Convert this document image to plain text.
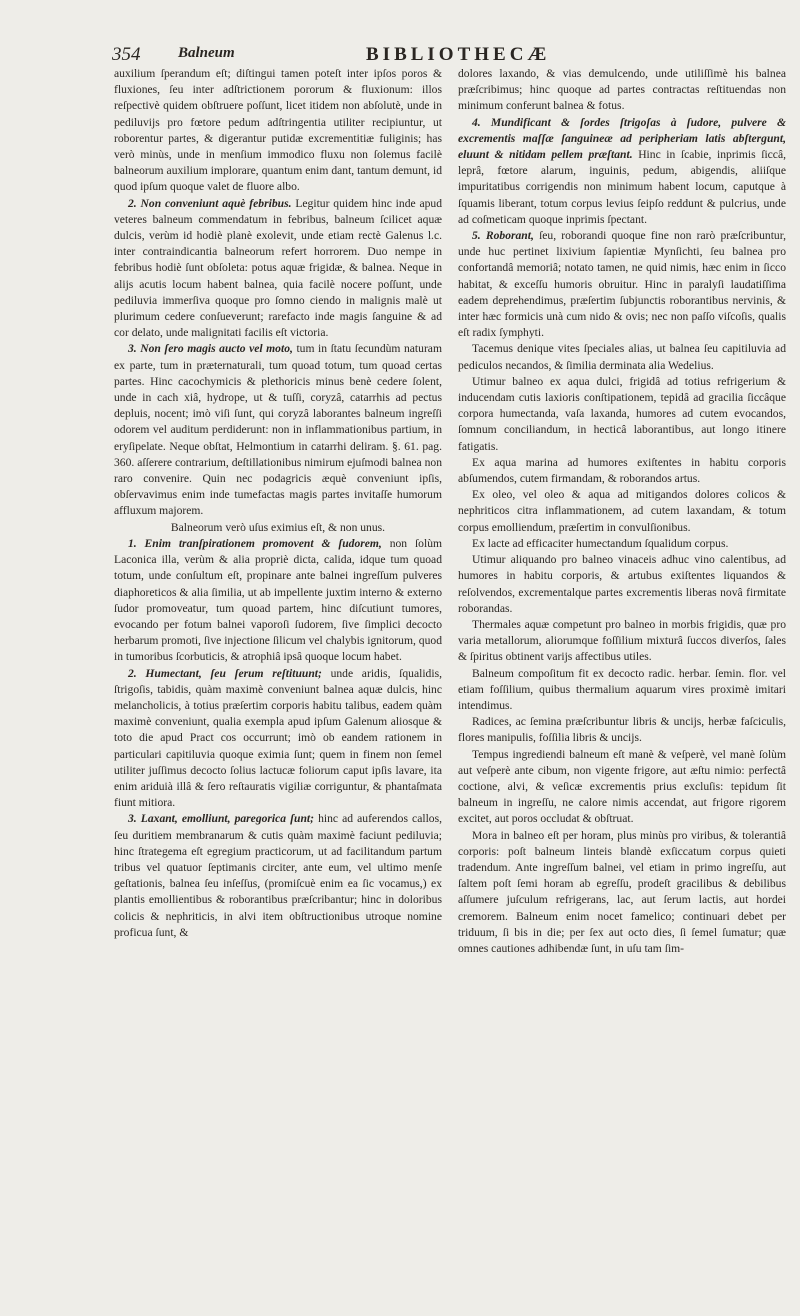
354	Balneum	BIBLIOTHECÆ

auxilium ſperandum eſt; diſtingui tamen poteſt inter ipſos poros & fluxiones, ſeu inter adſtrictionem pororum & fluxionum: illos reſpectivè quidem obſtruere poſſunt, licet itidem non abſolutè, unde in pediluvijs pro fœtore pedum adſtringentia utiliter recipiuntur, ut roborentur partes, & digerantur putidæ excrementitiæ fuliginis; has verò minùs, unde in menſium immodico fluxu non ſolemus facilè balneorum auxilium implorare, quantum enim dant, tantum demunt, id quod ipſum quoque valet de fluore albo.

2. Non conveniunt aquè febribus. Legitur quidem hinc inde apud veteres balneum commendatum in febribus, balneum ſcilicet aquæ dulcis, verùm id hodiè planè exolevit, unde etiam rectè Galenus l.c. inter contraindicantia balneorum refert horrorem. Duo nempe in febribus hodiè ſunt obſoleta: potus aquæ frigidæ, & balnea. Neque in alijs acutis locum habent balnea, quia facilè nocere poſſunt, unde pediluvia immerſiva quoque pro ſomno ciendo in malignis malè ut plurimum cedere conſueverunt; rarefacto inde magis ſanguine & ad cor delato, unde malignitati facilis eſt victoria.

3. Non ſero magis aucto vel moto, tum in ſtatu ſecundùm naturam ex parte, tum in præternaturali, tum quoad totum, tum quoad certas partes. Hinc cacochymicis & plethoricis minus benè cedere ſolent, unde in cach xiâ, hydrope, ut & tuſſi, coryzâ, catarrhis ad pectus depluis, nocent; imò viſi ſunt, qui coryzâ laborantes balneum ingreſſi odorem vel auditum perdiderunt: non in inflammationibus partium, in eryſipelate. Neque obſtat, Helmontium in catarrhi deliram. §. 61. pag. 360. aſſerere contrarium, deſtillationibus nimirum ejuſmodi balnea non raro convenire. Quin nec podagricis æquè conveniunt ipſis, obſervavimus enim inde tumefactas magis partes invitaſſe humorum affluxum majorem.

Balneorum verò uſus eximius eſt, & non unus.

1. Enim tranſpirationem promovent & ſudorem, non ſolùm Laconica illa, verùm & alia propriè dicta, calida, idque tum quoad totum, unde conſultum eſt, propinare ante balnei ingreſſum pulveres diaphoreticos & alia ſimilia, ut ab impellente juxtim interno & externo ſudor promoveatur, tum quoad partem, hinc diſcutiunt tumores, evocando per fotum balnei vaporoſi ſudorem, ſive ſimplici decocto herbarum promoti, ſive injectione ſilicum vel chalybis ignitorum, quod in tumoribus ſcorbuticis, & atrophiâ ipsâ quoque locum habet.

2. Humectant, ſeu ſerum reſtituunt; unde aridis, ſqualidis, ſtrigoſis, tabidis, quàm maximè conveniunt balnea aquæ dulcis, hinc melancholicis, à totius præſertim corporis habitu talibus, eadem quàm maximè conveniunt, qualia exempla apud ipſum Galenum aliosque & toto die apud Pract cos occurrunt; imò ob eandem rationem in particulari capitiluvia quoque eximia ſunt; quem in finem non ſemel utiliter juſſimus decocto ſolius lactucæ foliorum caput ipſis lavare, ita enim ariduià illâ & ſero reſtauratis vigiliæ corriguntur, & phantaſmata fiunt mitiora.

3. Laxant, emolliunt, paregorica ſunt; hinc ad auferendos callos, ſeu duritiem membranarum & cutis quàm maximè faciunt pediluvia; hinc ſtrategema eſt egregium practicorum, ut ad facilitandum partum tribus vel quatuor ſeptimanis circiter, ante eum, vel ultimo menſe geſtationis, balnea ſeu inſeſſus, (promiſcuè enim ea ſic vocamus,) ex plantis emollientibus & roborantibus præſcribantur; hinc in doloribus colicis & nephriticis, in alvi item obſtructionibus utroque nomine proficua ſunt, &

dolores laxando, & vias demulcendo, unde utiliſſimè his balnea præſcribimus; hinc quoque ad partes contractas reſtituendas non minimum conferunt balnea & fotus.

4. Mundificant & ſordes ſtrigoſas à ſudore, pulvere & excrementis maſſæ ſanguineæ ad peripheriam latis abſtergunt, eluunt & nitidam pellem præſtant. Hinc in ſcabie, inprimis ſiccâ, leprâ, fœtore alarum, inguinis, pedum, abigendis, aliiſque impuritatibus corrigendis non minimum habent locum, caputque à ſquamis liberant, totum corpus levius ſeipſo reddunt & pulcrius, unde ad coſmeticam quoque inprimis ſpectant.

5. Roborant, ſeu, roborandi quoque fine non rarò præſcribuntur, unde huc pertinet lixivium ſapientiæ Mynſichti, ſeu balnea pro confortandâ memoriâ; notato tamen, ne quid nimis, hæc enim in ſicco habitat, & exceſſu humoris obruitur. Hinc in paralyſi laudatiſſima eadem deprehendimus, præſertim ſubjunctis roborantibus nervinis, & inter hæc formicis unà cum nido & ovis; nec non paſſo viſcoſis, qualis eſt radix ſymphyti.

Tacemus denique vites ſpeciales alias, ut balnea ſeu capitiluvia ad pediculos necandos, & ſimilia derminata alia Wedelius.

Utimur balneo ex aqua dulci, frigidâ ad totius refrigerium & inducendam cutis laxioris conſtipationem, tepidâ ad gracilia ſiccâque corpora humectanda, vaſa laxanda, humores ad cutem evocandos, ſomnum conciliandum, in hecticâ laborantibus, aut longo itinere fatigatis.

Ex aqua marina ad humores exiſtentes in habitu corporis abſumendos, cutem firmandam, & roborandos artus.

Ex oleo, vel oleo & aqua ad mitigandos dolores colicos & nephriticos citra inflammationem, ad cutem laxandam, & totum corpus emolliendum, præſertim in convulſionibus.

Ex lacte ad efficaciter humectandum ſqualidum corpus.

Utimur aliquando pro balneo vinaceis adhuc vino calentibus, ad humores in habitu corporis, & artubus exiſtentes liquandos & reſolvendos, excrementalque partes excrementis liberas novâ firmitate roborandas.

Thermales aquæ competunt pro balneo in morbis frigidis, quæ pro varia metallorum, aliorumque foſſilium mixturâ ſuccos diverſos, ſales & ſpiritus obtinent varijs affectibus utiles.

Balneum compoſitum fit ex decocto radic. herbar. ſemin. flor. vel etiam foſſilium, quibus thermalium aquarum vires proximè imitari intendimus.

Radices, ac ſemina præſcribuntur libris & uncijs, herbæ faſciculis, flores manipulis, foſſilia libris & uncijs.

Tempus ingrediendi balneum eſt manè & veſperè, vel manè ſolùm aut veſperè ante cibum, non vigente frigore, aut æſtu nimio: perfectâ coctione, alvi, & veſicæ excrementis prius excluſis: tepidum ſit balneum in ingreſſu, ne calore nimis accendat, aut frigore rigorem excitet, aut poros occludat & obſtruat.

Mora in balneo eſt per horam, plus minùs pro viribus, & tolerantiâ corporis: poſt balneum linteis blandè exſiccatum corpus quieti tradendum. Ante ingreſſum balnei, vel etiam in primo ingreſſu, aut ſaltem poſt ſemi horam ab egreſſu, prodeſt gracilibus & debilibus aſſumere juſculum refrigerans, lac, aut ſerum lactis, aut hordei cremorem. Balneum enim nocet famelico; continuari debet per triduum, ſi bis in die; per ſex aut octo dies, ſi ſemel ſumatur; quæ omnes cautiones adhibendæ ſunt, in uſu tam ſim-
